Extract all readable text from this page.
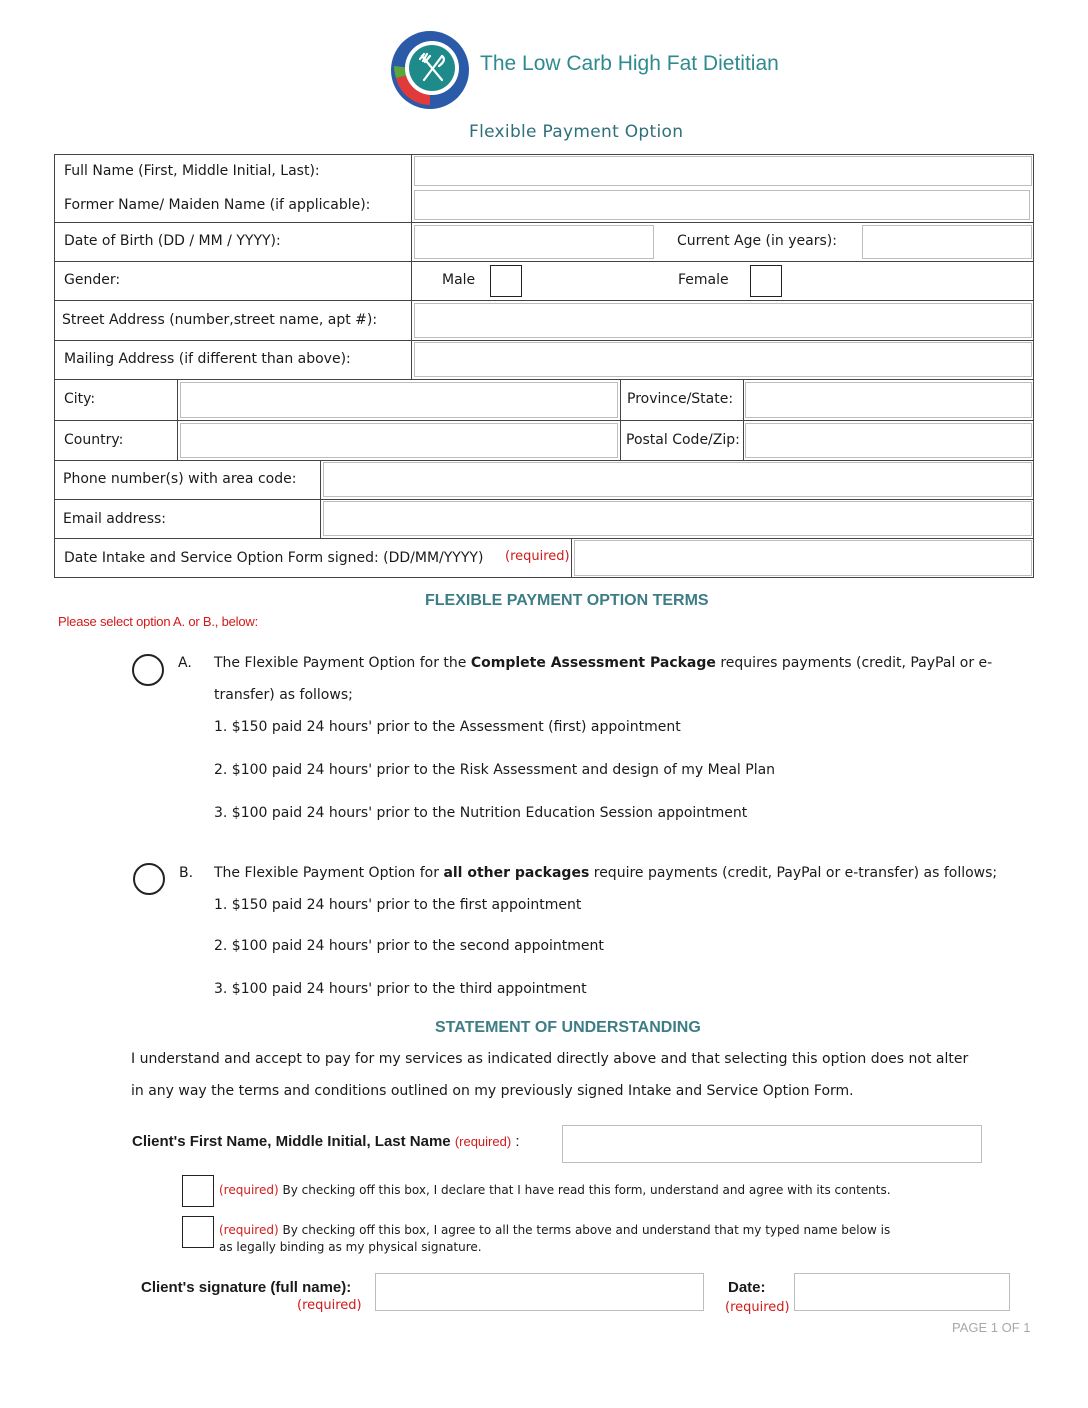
The Low Carb High Fat Dietitian
Flexible Payment Option
Full Name (First, Middle Initial, Last):
Former Name/ Maiden Name (if applicable):
Date of Birth (DD / MM / YYYY):	Current Age (in years):
Gender:	Male	Female
Street Address (number,street name, apt #):
Mailing Address (if different than above):
City:	Province/State:
Country:	Postal Code/Zip:
Phone number(s) with area code:
Email address:
Date Intake and Service Option Form signed: (DD/MM/YYYY) (required)
FLEXIBLE PAYMENT OPTION TERMS
Please select option A. or B., below:
A. The Flexible Payment Option for the Complete Assessment Package requires payments (credit, PayPal or e-
transfer) as follows;
1. $150 paid 24 hours' prior to the Assessment (first) appointment
2. $100 paid 24 hours' prior to the Risk Assessment and design of my Meal Plan
3. $100 paid 24 hours' prior to the Nutrition Education Session appointment
B. The Flexible Payment Option for all other packages require payments (credit, PayPal or e-transfer) as follows;
1. $150 paid 24 hours' prior to the first appointment
2. $100 paid 24 hours' prior to the second appointment
3. $100 paid 24 hours' prior to the third appointment
STATEMENT OF UNDERSTANDING
I understand and accept to pay for my services as indicated directly above and that selecting this option does not alter
in any way the terms and conditions outlined on my previously signed Intake and Service Option Form.
Client's First Name, Middle Initial, Last Name (required) :
(required) By checking off this box, I declare that I have read this form, understand and agree with its contents.
(required) By checking off this box, I agree to all the terms above and understand that my typed name below is
as legally binding as my physical signature.
Client's signature (full name):
(required)
Date:
(required)
PAGE 1 OF 1
